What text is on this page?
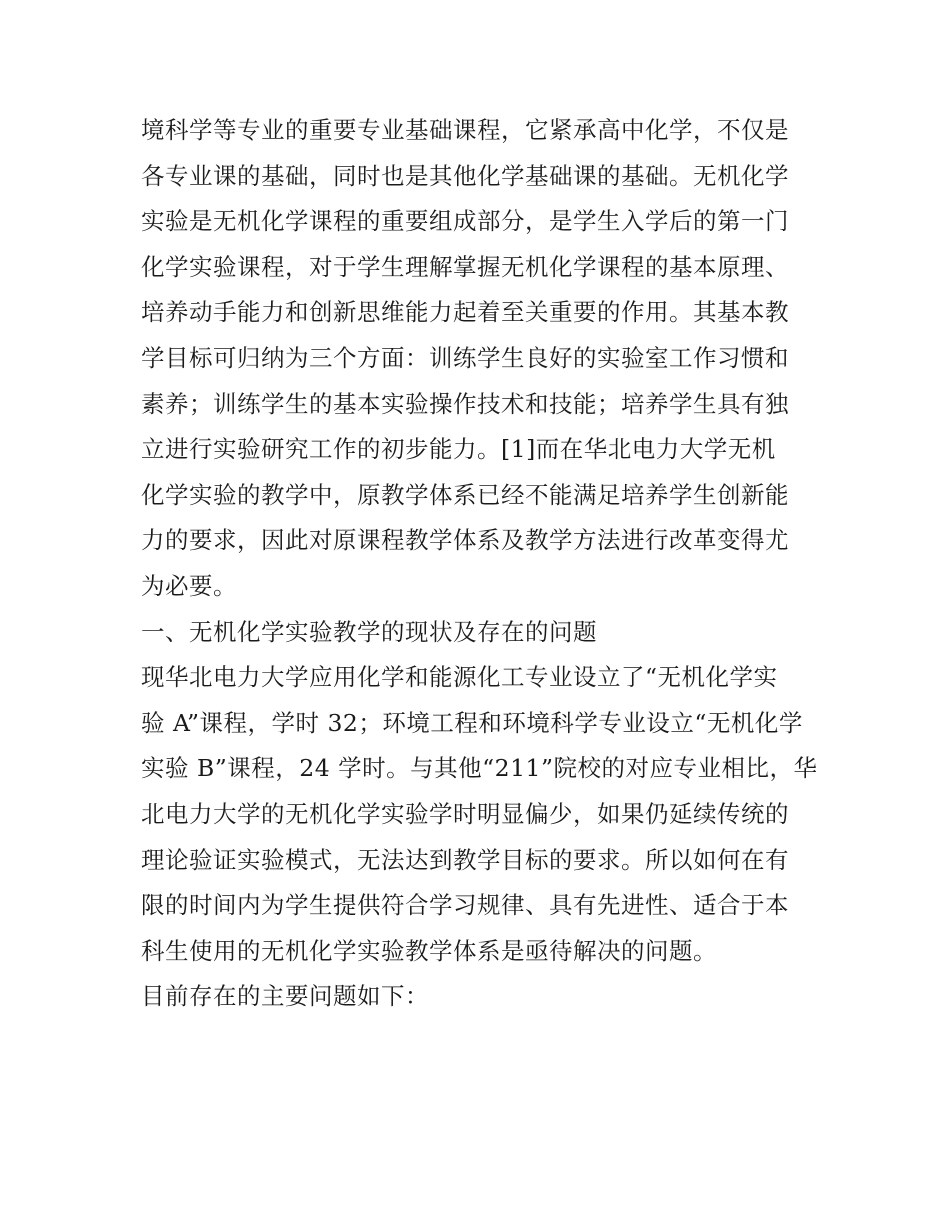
境科学等专业的重要专业基础课程，它紧承高中化学，不仅是
各专业课的基础，同时也是其他化学基础课的基础。无机化学
实验是无机化学课程的重要组成部分，是学生入学后的第一门
化学实验课程，对于学生理解掌握无机化学课程的基本原理、
培养动手能力和创新思维能力起着至关重要的作用。其基本教
学目标可归纳为三个方面：训练学生良好的实验室工作习惯和
素养；训练学生的基本实验操作技术和技能；培养学生具有独
立进行实验研究工作的初步能力。[1]而在华北电力大学无机
化学实验的教学中，原教学体系已经不能满足培养学生创新能
力的要求，因此对原课程教学体系及教学方法进行改革变得尤
为必要。
一、无机化学实验教学的现状及存在的问题
现华北电力大学应用化学和能源化工专业设立了“无机化学实
验 A”课程，学时 32；环境工程和环境科学专业设立“无机化学
实验 B”课程，24 学时。与其他“211”院校的对应专业相比，华
北电力大学的无机化学实验学时明显偏少，如果仍延续传统的
理论验证实验模式，无法达到教学目标的要求。所以如何在有
限的时间内为学生提供符合学习规律、具有先进性、适合于本
科生使用的无机化学实验教学体系是亟待解决的问题。
目前存在的主要问题如下：
